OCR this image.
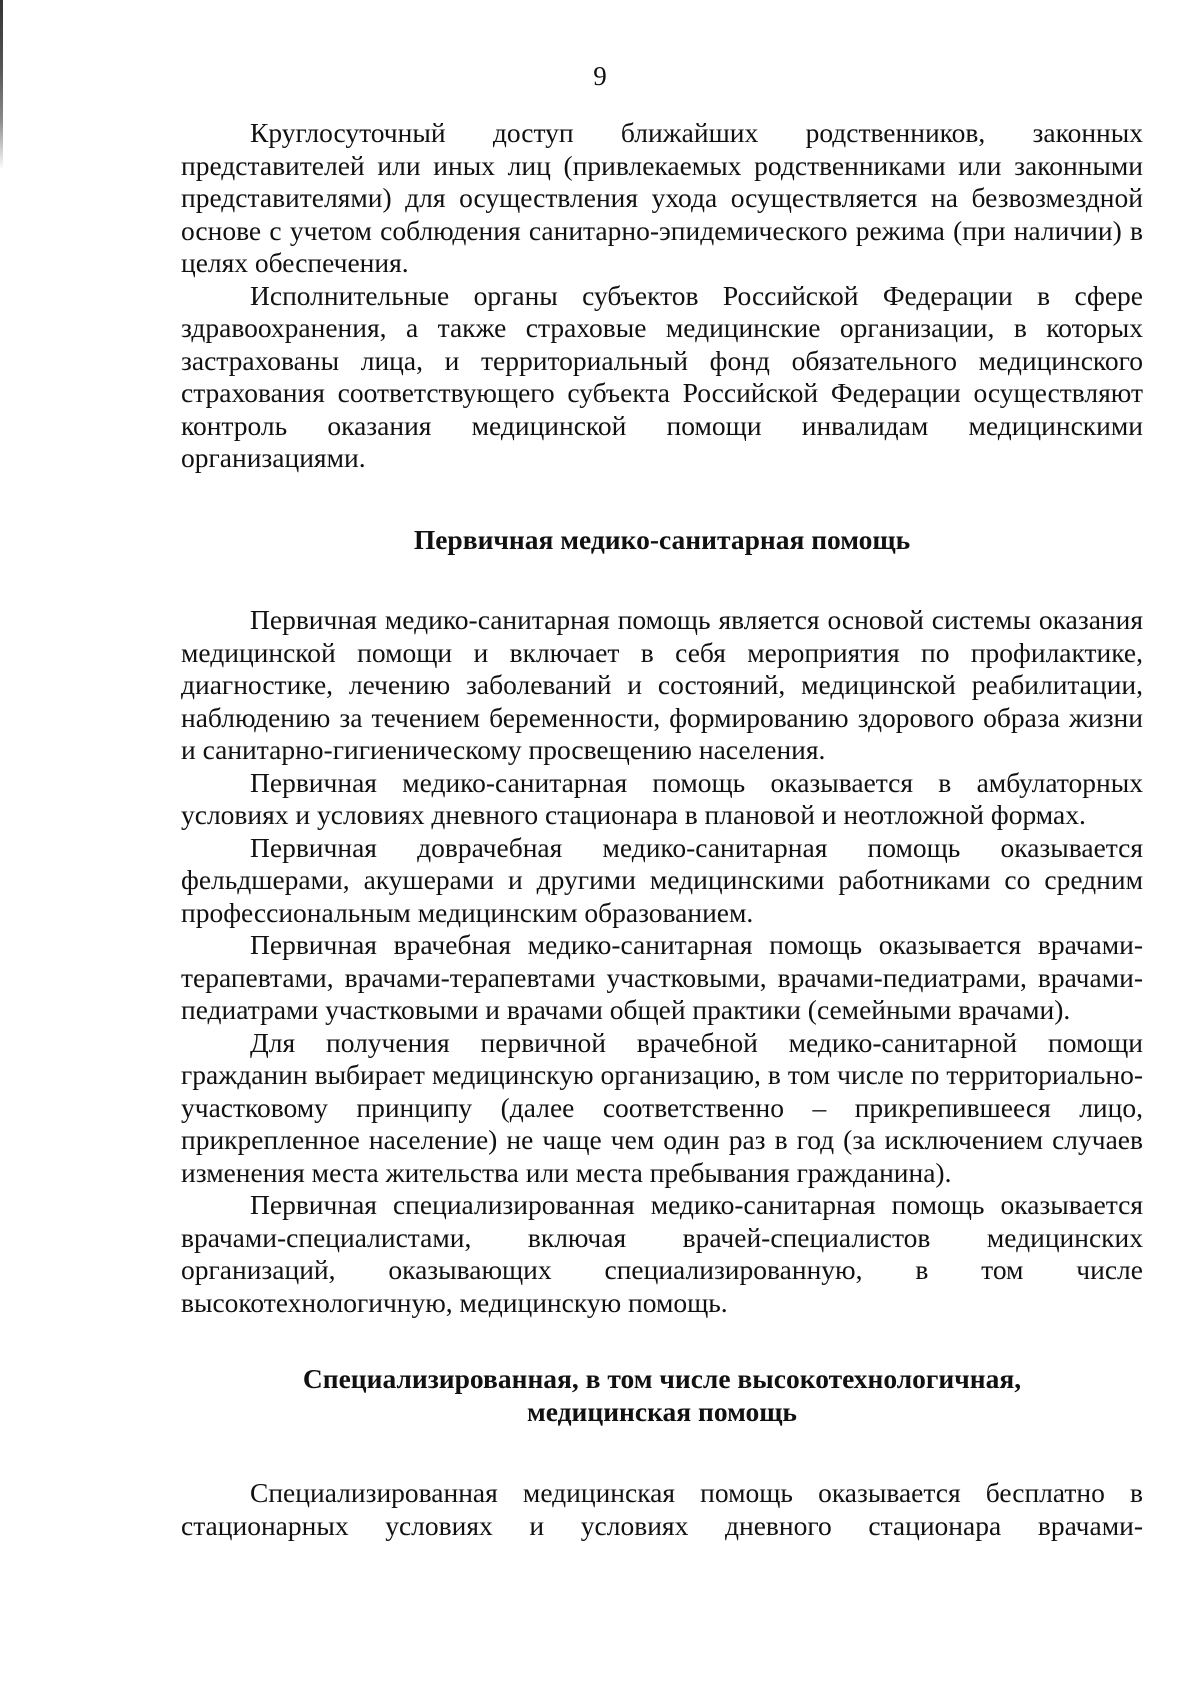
9

Круглосуточный доступ ближайших родственников, законных представителей или иных лиц (привлекаемых родственниками или законными представителями) для осуществления ухода осуществляется на безвозмездной основе с учетом соблюдения санитарно-эпидемического режима (при наличии) в целях обеспечения.

Исполнительные органы субъектов Российской Федерации в сфере здравоохранения, а также страховые медицинские организации, в которых застрахованы лица, и территориальный фонд обязательного медицинского страхования соответствующего субъекта Российской Федерации осуществляют контроль оказания медицинской помощи инвалидам медицинскими организациями.

Первичная медико-санитарная помощь

Первичная медико-санитарная помощь является основой системы оказания медицинской помощи и включает в себя мероприятия по профилактике, диагностике, лечению заболеваний и состояний, медицинской реабилитации, наблюдению за течением беременности, формированию здорового образа жизни и санитарно-гигиеническому просвещению населения.

Первичная медико-санитарная помощь оказывается в амбулаторных условиях и условиях дневного стационара в плановой и неотложной формах.

Первичная доврачебная медико-санитарная помощь оказывается фельдшерами, акушерами и другими медицинскими работниками со средним профессиональным медицинским образованием.

Первичная врачебная медико-санитарная помощь оказывается врачами-терапевтами, врачами-терапевтами участковыми, врачами-педиатрами, врачами-педиатрами участковыми и врачами общей практики (семейными врачами).

Для получения первичной врачебной медико-санитарной помощи гражданин выбирает медицинскую организацию, в том числе по территориально-участковому принципу (далее соответственно – прикрепившееся лицо, прикрепленное население) не чаще чем один раз в год (за исключением случаев изменения места жительства или места пребывания гражданина).

Первичная специализированная медико-санитарная помощь оказывается врачами-специалистами, включая врачей-специалистов медицинских организаций, оказывающих специализированную, в том числе высокотехнологичную, медицинскую помощь.

Специализированная, в том числе высокотехнологичная,
медицинская помощь

Специализированная медицинская помощь оказывается бесплатно в стационарных условиях и условиях дневного стационара врачами-
